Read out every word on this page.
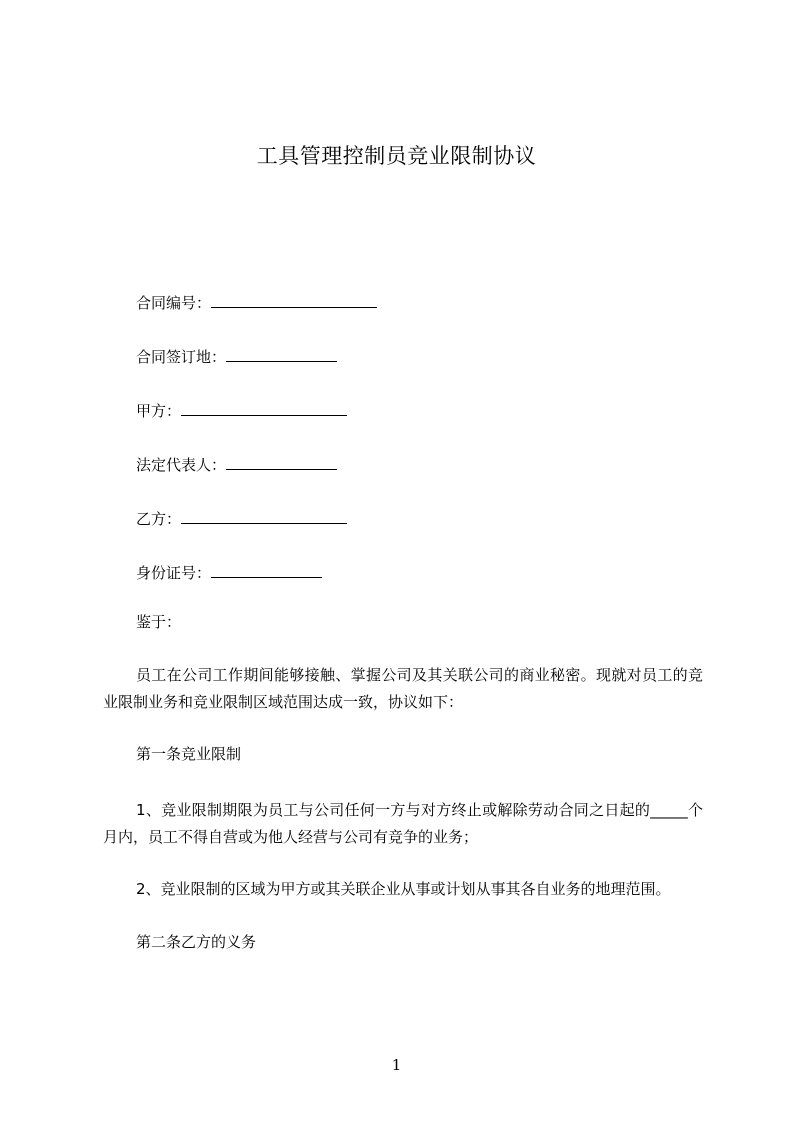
工具管理控制员竞业限制协议
合同编号：
合同签订地：
甲方：
法定代表人：
乙方：
身份证号：
鉴于：
员工在公司工作期间能够接触、掌握公司及其关联公司的商业秘密。现就对员工的竞业限制业务和竞业限制区域范围达成一致，协议如下：
第一条竞业限制
1、竞业限制期限为员工与公司任何一方与对方终止或解除劳动合同之日起的_____个月内，员工不得自营或为他人经营与公司有竞争的业务；
2、竞业限制的区域为甲方或其关联企业从事或计划从事其各自业务的地理范围。
第二条乙方的义务
1
